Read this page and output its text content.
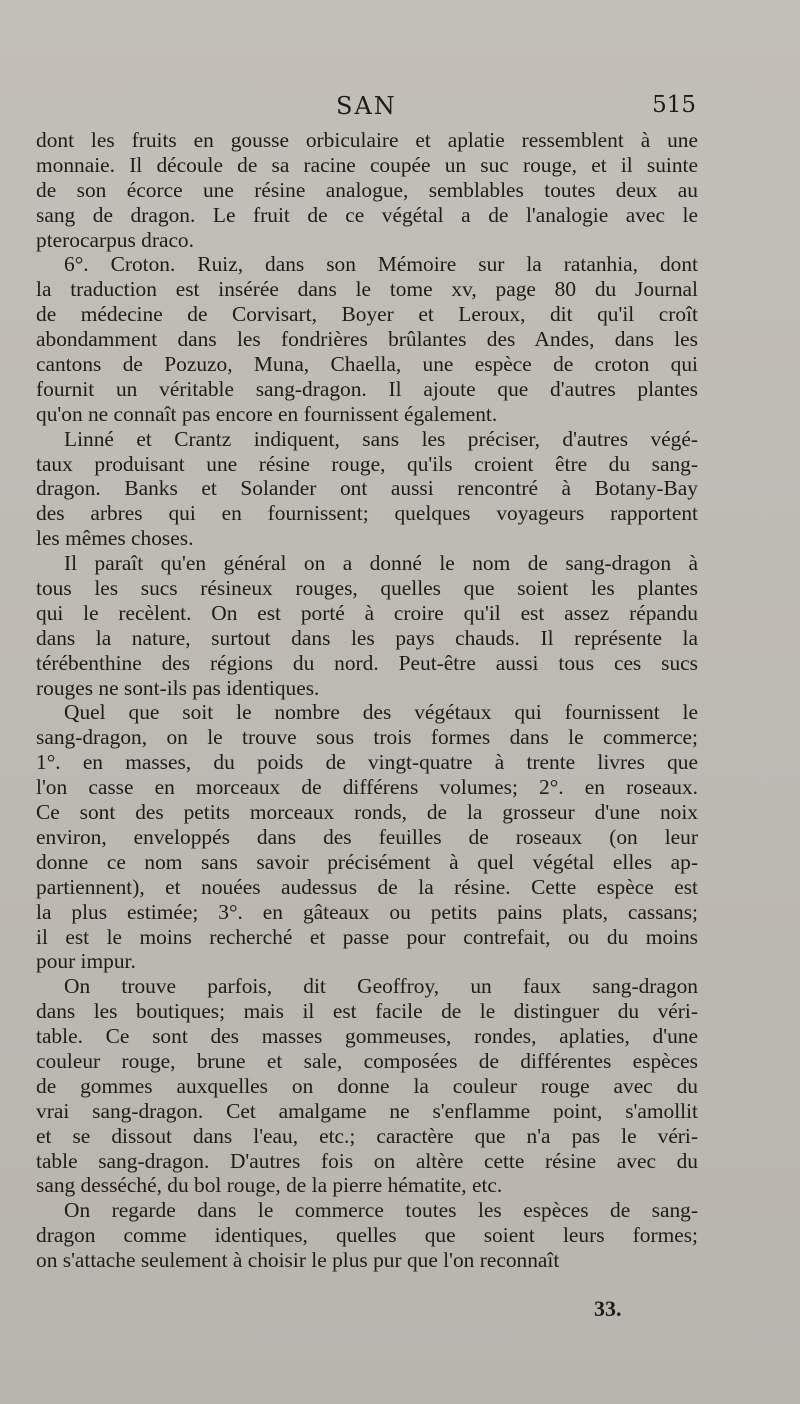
SAN	515
dont les fruits en gousse orbiculaire et aplatie ressemblent à une
monnaie. Il découle de sa racine coupée un suc rouge, et il suinte
de son écorce une résine analogue, semblables toutes deux au
sang de dragon. Le fruit de ce végétal a de l'analogie avec le
pterocarpus draco.
6°. Croton. Ruiz, dans son Mémoire sur la ratanhia, dont
la traduction est insérée dans le tome xv, page 80 du Journal
de médecine de Corvisart, Boyer et Leroux, dit qu'il croît
abondamment dans les fondrières brûlantes des Andes, dans les
cantons de Pozuzo, Muna, Chaella, une espèce de croton qui
fournit un véritable sang-dragon. Il ajoute que d'autres plantes
qu'on ne connaît pas encore en fournissent également.
Linné et Crantz indiquent, sans les préciser, d'autres végé-
taux produisant une résine rouge, qu'ils croient être du sang-
dragon. Banks et Solander ont aussi rencontré à Botany-Bay
des arbres qui en fournissent; quelques voyageurs rapportent
les mêmes choses.
Il paraît qu'en général on a donné le nom de sang-dragon à
tous les sucs résineux rouges, quelles que soient les plantes
qui le recèlent. On est porté à croire qu'il est assez répandu
dans la nature, surtout dans les pays chauds. Il représente la
térébenthine des régions du nord. Peut-être aussi tous ces sucs
rouges ne sont-ils pas identiques.
Quel que soit le nombre des végétaux qui fournissent le
sang-dragon, on le trouve sous trois formes dans le commerce;
1°. en masses, du poids de vingt-quatre à trente livres que
l'on casse en morceaux de différens volumes; 2°. en roseaux.
Ce sont des petits morceaux ronds, de la grosseur d'une noix
environ, enveloppés dans des feuilles de roseaux (on leur
donne ce nom sans savoir précisément à quel végétal elles ap-
partiennent), et nouées audessus de la résine. Cette espèce est
la plus estimée; 3°. en gâteaux ou petits pains plats, cassans;
il est le moins recherché et passe pour contrefait, ou du moins
pour impur.
On trouve parfois, dit Geoffroy, un faux sang-dragon
dans les boutiques; mais il est facile de le distinguer du véri-
table. Ce sont des masses gommeuses, rondes, aplaties, d'une
couleur rouge, brune et sale, composées de différentes espèces
de gommes auxquelles on donne la couleur rouge avec du
vrai sang-dragon. Cet amalgame ne s'enflamme point, s'amollit
et se dissout dans l'eau, etc.; caractère que n'a pas le véri-
table sang-dragon. D'autres fois on altère cette résine avec du
sang desséché, du bol rouge, de la pierre hématite, etc.
On regarde dans le commerce toutes les espèces de sang-
dragon comme identiques, quelles que soient leurs formes;
on s'attache seulement à choisir le plus pur que l'on reconnaît
33.
